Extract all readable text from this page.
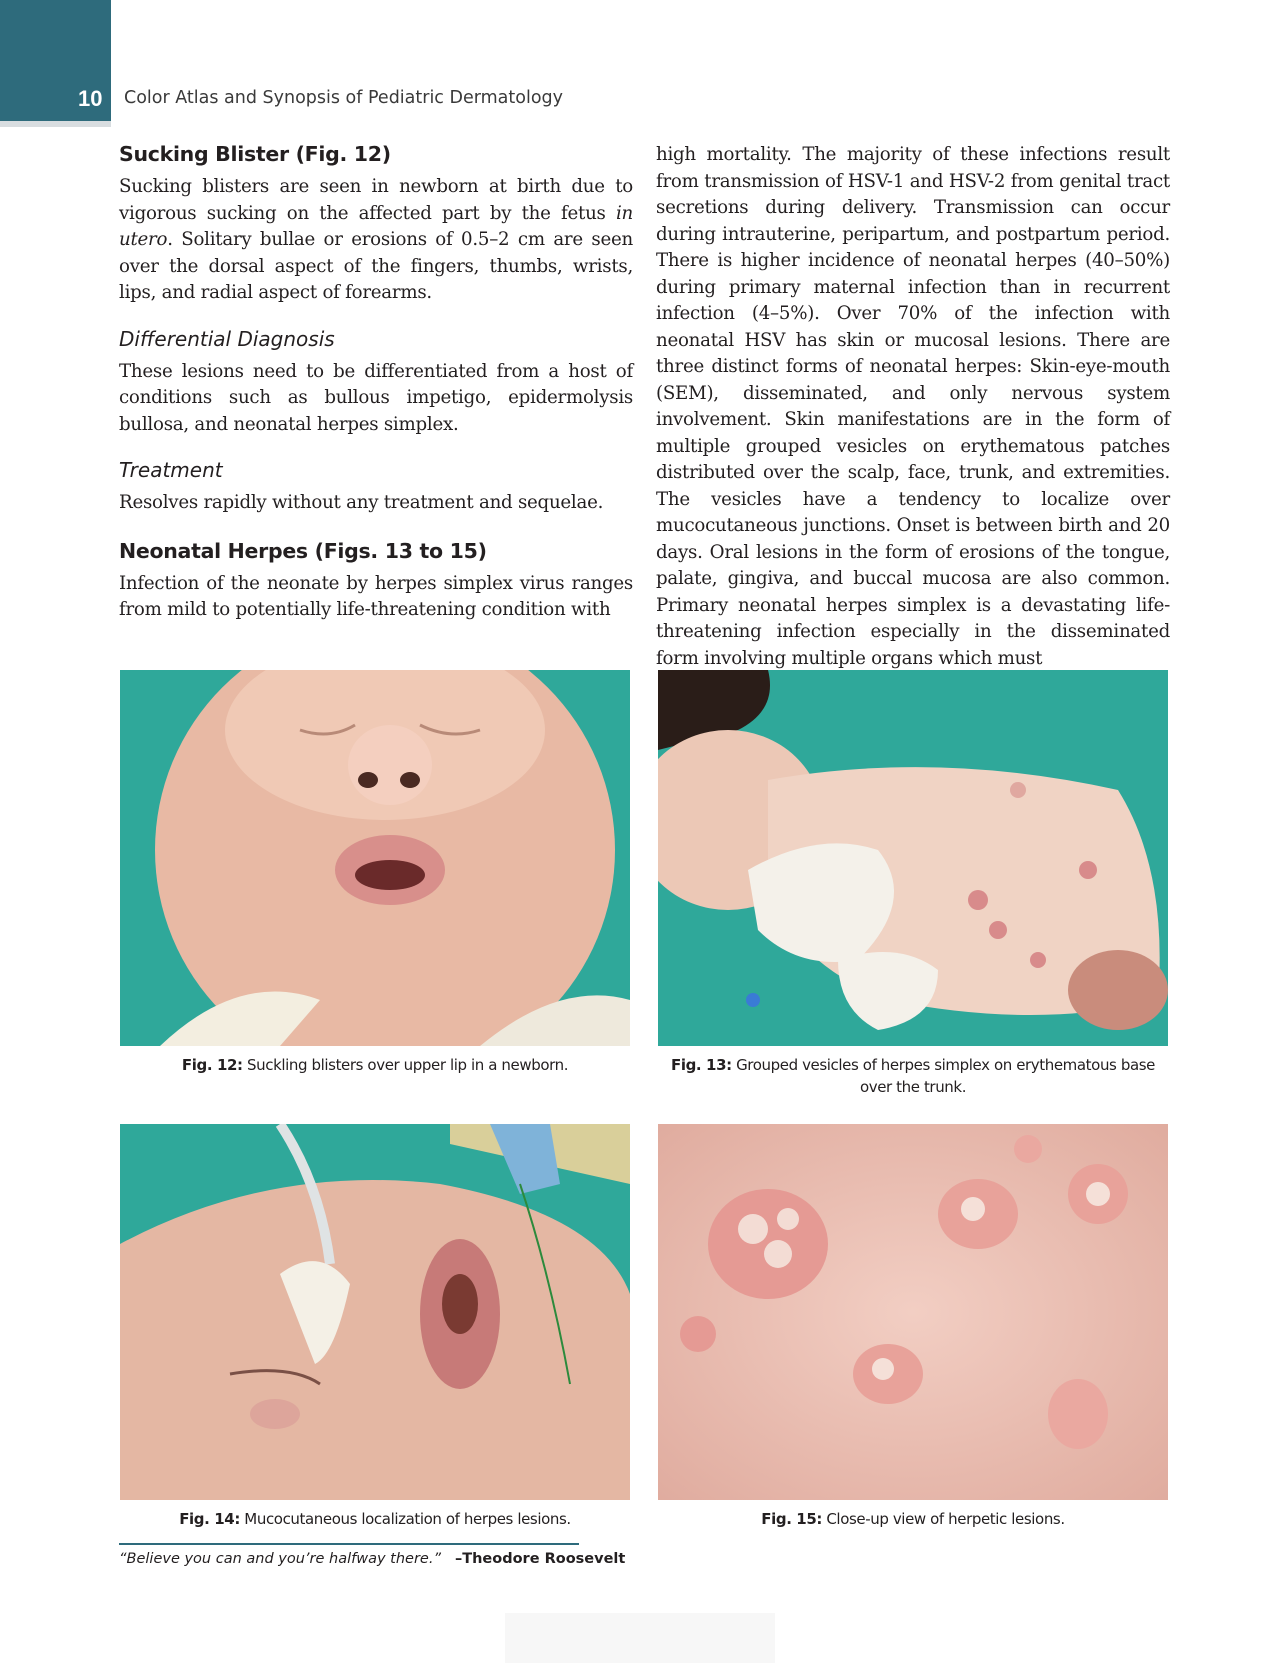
10 Color Atlas and Synopsis of Pediatric Dermatology
Sucking Blister (Fig. 12)

Sucking blisters are seen in newborn at birth due to vigorous sucking on the affected part by the fetus in utero. Solitary bullae or erosions of 0.5–2 cm are seen over the dorsal aspect of the fingers, thumbs, wrists, lips, and radial aspect of forearms.

Differential Diagnosis

These lesions need to be differentiated from a host of conditions such as bullous impetigo, epidermolysis bullosa, and neonatal herpes simplex.

Treatment

Resolves rapidly without any treatment and sequelae.

Neonatal Herpes (Figs. 13 to 15)

Infection of the neonate by herpes simplex virus ranges from mild to potentially life-threatening condition with

high mortality. The majority of these infections result from transmission of HSV-1 and HSV-2 from genital tract secretions during delivery. Transmission can occur during intrauterine, peripartum, and postpartum period. There is higher incidence of neonatal herpes (40–50%) during primary maternal infection than in recurrent infection (4–5%). Over 70% of the infection with neonatal HSV has skin or mucosal lesions. There are three distinct forms of neonatal herpes: Skin-eye-mouth (SEM), disseminated, and only nervous system involvement. Skin manifestations are in the form of multiple grouped vesicles on erythematous patches distributed over the scalp, face, trunk, and extremities. The vesicles have a tendency to localize over mucocutaneous junctions. Onset is between birth and 20 days. Oral lesions in the form of erosions of the tongue, palate, gingiva, and buccal mucosa are also common. Primary neonatal herpes simplex is a devastating life-threatening infection especially in the disseminated form involving multiple organs which must

Fig. 12: Suckling blisters over upper lip in a newborn.	Fig. 13: Grouped vesicles of herpes simplex on erythematous base over the trunk.
Fig. 14: Mucocutaneous localization of herpes lesions.	Fig. 15: Close-up view of herpetic lesions.
“Believe you can and you’re halfway there.” –Theodore Roosevelt
